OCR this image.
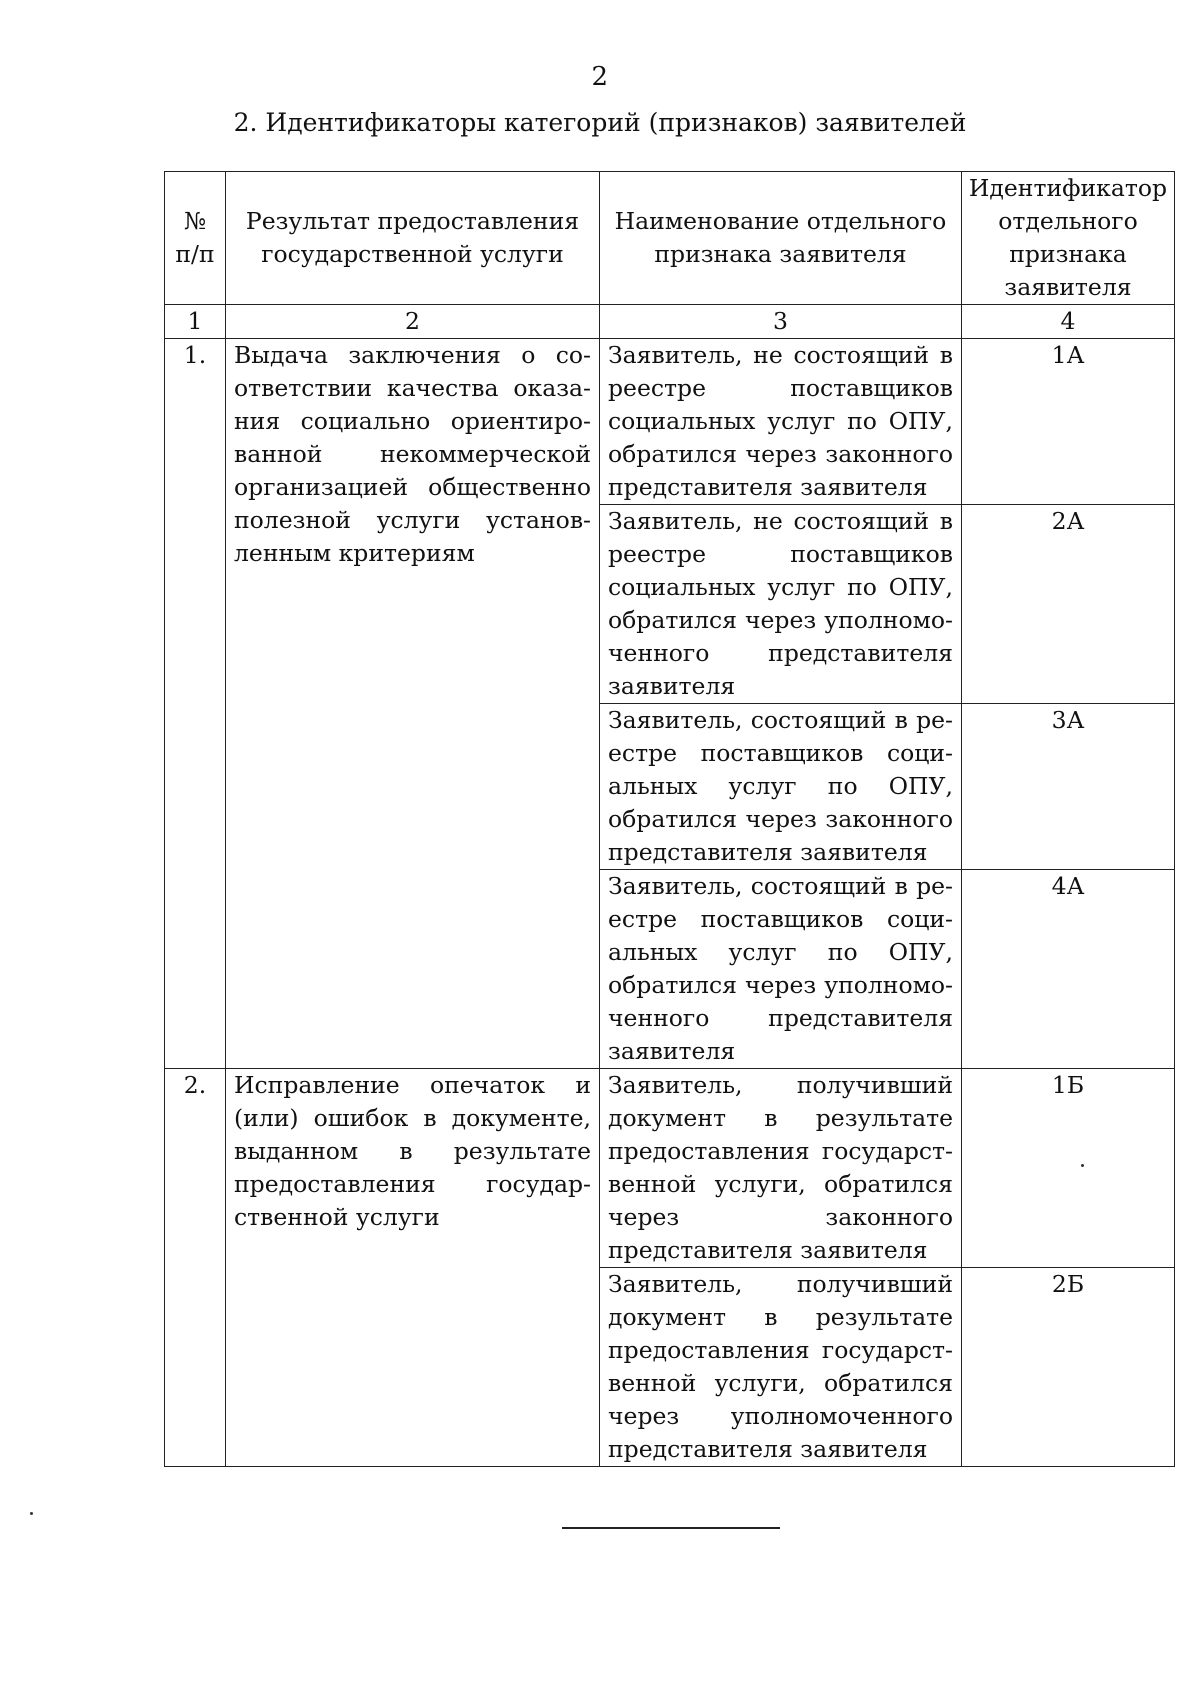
2
2. Идентификаторы категорий (признаков) заявителей
№ п/п	Результат предоставления государственной услуги	Наименование отдельного признака заявителя	Идентификатор отдельного признака заявителя
1	2	3	4
1.	Выдача заключения о соответствии качества оказания социально ориентированной некоммерческой организацией общественно полезной услуги установленным критериям	Заявитель, не состоящий в реестре поставщиков социальных услуг по ОПУ, обратился через законного представителя заявителя	1А
		Заявитель, не состоящий в реестре поставщиков социальных услуг по ОПУ, обратился через уполномоченного представителя заявителя	2А
		Заявитель, состоящий в реестре поставщиков социальных услуг по ОПУ, обратился через законного представителя заявителя	3А
		Заявитель, состоящий в реестре поставщиков социальных услуг по ОПУ, обратился через уполномоченного представителя заявителя	4А
2.	Исправление опечаток и (или) ошибок в документе, выданном в результате предоставления государственной услуги	Заявитель, получивший документ в результате предоставления государственной услуги, обратился через законного представителя заявителя	1Б
		Заявитель, получивший документ в результате предоставления государственной услуги, обратился через уполномоченного представителя заявителя	2Б
